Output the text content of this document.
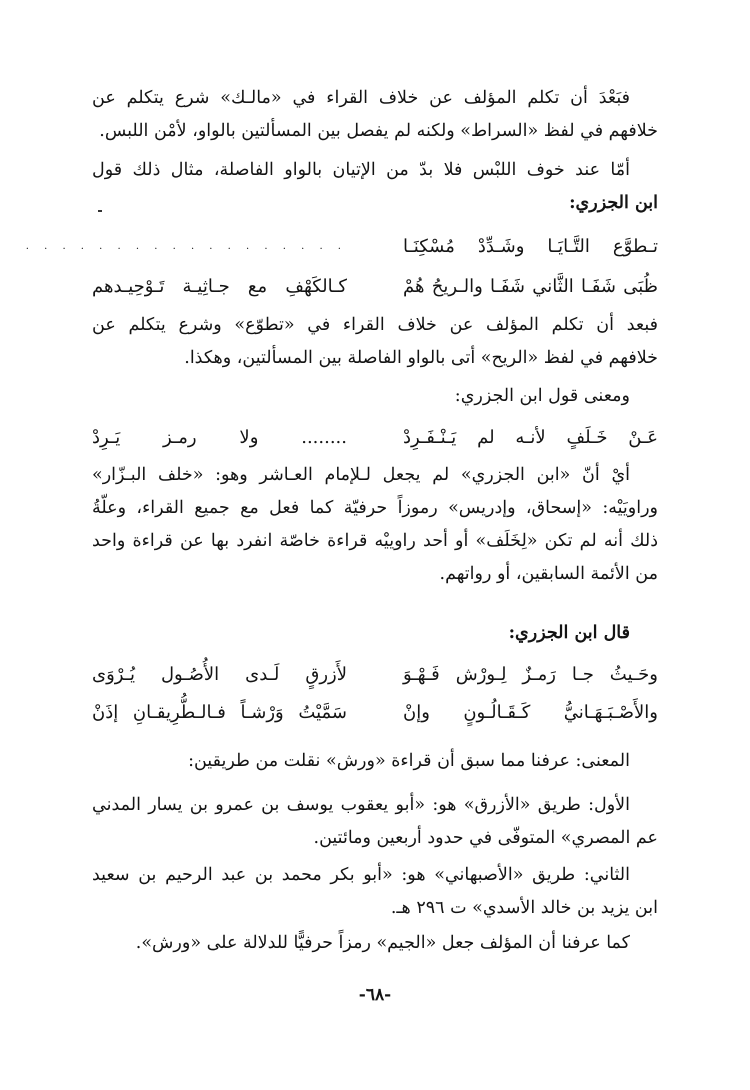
فبَعْدَ أن تكلم المؤلف عن خلاف القراء في «مالـك» شرع يتكلم عن
خلافهم في لفظ «السراط» ولكنه لم يفصل بين المسألتين بالواو، لأمْن اللبس.
أمّا عند خوف اللبْس فلا بدّ من الإتيان بالواو الفاصلة، مثال ذلك قول
ابن الجزري:
تـطوَّع التَّـايَـا وشَـدِّدْ مُسْكِنَـا
. . . . . . . . . . . . . . . . . .
ظُبَى شَفَـا الثَّاني شَفَـا والـريحُ هُمْ
كـالكَهْفِ مع جـاثِيـة تَـوْحِيـدهم
فبعد أن تكلم المؤلف عن خلاف القراء في «تطوّع» وشرع يتكلم عن
خلافهم في لفظ «الريح» أتى بالواو الفاصلة بين المسألتين، وهكذا.
ومعنى قول ابن الجزري:
عَـنْ خَـلَفٍ لأنـه لم يَـنْـفَـرِدْ
........ ولا رمـز يَـرِدْ
أيْ أنّ «ابن الجزري» لم يجعل لـلإمام العـاشر وهو: «خلف البـزّار»
وراويَيْه: «إسحاق، وإدريس» رموزاً حرفيّة كما فعل مع جميع القراء، وعلّةُ
ذلك أنه لم تكن «لِخَلَف» أو أحد راوييْه قراءة خاصّة انفرد بها عن قراءة واحد
من الأئمة السابقين، أو رواتهم.
قال ابن الجزري:
وحَـيثُ جـا رَمـزٌ لِـورْش فَـهْـوَ
لأَزرقٍ لَـدى الأُصُـول يُـرْوَى
والأَصْـبَـهَـانيُّ كَـقَـالُـونٍ وإنْ
سَمَّيْتُ وَرْشـاً فـالـطُّرِيقـانِ إذَنْ
المعنى: عرفنا مما سبق أن قراءة «ورش» نقلت من طريقين:
الأول: طريق «الأزرق» هو: «أبو يعقوب يوسف بن عمرو بن يسار المدني
عم المصري» المتوفّى في حدود أربعين ومائتين.
الثاني: طريق «الأصبهاني» هو: «أبو بكر محمد بن عبد الرحيم بن سعيد
ابن يزيد بن خالد الأسدي» ت ٢٩٦ هـ.
كما عرفنا أن المؤلف جعل «الجيم» رمزاً حرفيًّا للدلالة على «ورش».
-٦٨-
